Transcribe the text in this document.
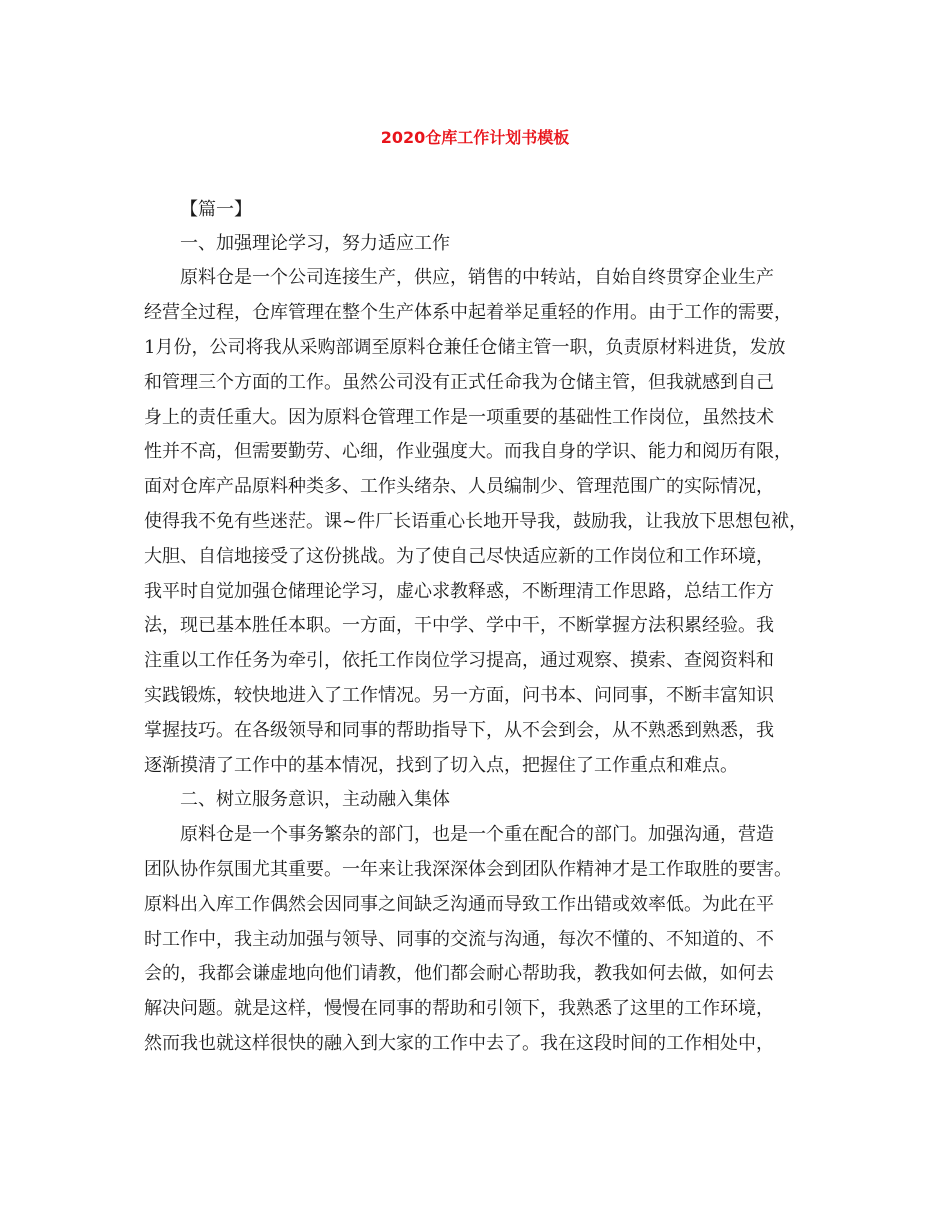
2020仓库工作计划书模板
【篇一】
一、加强理论学习，努力适应工作
原料仓是一个公司连接生产，供应，销售的中转站，自始自终贯穿企业生产
经营全过程，仓库管理在整个生产体系中起着举足重轻的作用。由于工作的需要，
1月份，公司将我从采购部调至原料仓兼任仓储主管一职，负责原材料进货，发放
和管理三个方面的工作。虽然公司没有正式任命我为仓储主管，但我就感到自己
身上的责任重大。因为原料仓管理工作是一项重要的基础性工作岗位，虽然技术
性并不高，但需要勤劳、心细，作业强度大。而我自身的学识、能力和阅历有限，
面对仓库产品原料种类多、工作头绪杂、人员编制少、管理范围广的实际情况，
使得我不免有些迷茫。课~件厂长语重心长地开导我，鼓励我，让我放下思想包袱，
大胆、自信地接受了这份挑战。为了使自己尽快适应新的工作岗位和工作环境，
我平时自觉加强仓储理论学习，虚心求教释惑，不断理清工作思路，总结工作方
法，现已基本胜任本职。一方面，干中学、学中干，不断掌握方法积累经验。我
注重以工作任务为牵引，依托工作岗位学习提高，通过观察、摸索、查阅资料和
实践锻炼，较快地进入了工作情况。另一方面，问书本、问同事，不断丰富知识
掌握技巧。在各级领导和同事的帮助指导下，从不会到会，从不熟悉到熟悉，我
逐渐摸清了工作中的基本情况，找到了切入点，把握住了工作重点和难点。
二、树立服务意识，主动融入集体
原料仓是一个事务繁杂的部门，也是一个重在配合的部门。加强沟通，营造
团队协作氛围尤其重要。一年来让我深深体会到团队作精神才是工作取胜的要害。
原料出入库工作偶然会因同事之间缺乏沟通而导致工作出错或效率低。为此在平
时工作中，我主动加强与领导、同事的交流与沟通，每次不懂的、不知道的、不
会的，我都会谦虚地向他们请教，他们都会耐心帮助我，教我如何去做，如何去
解决问题。就是这样，慢慢在同事的帮助和引领下，我熟悉了这里的工作环境，
然而我也就这样很快的融入到大家的工作中去了。我在这段时间的工作相处中，
